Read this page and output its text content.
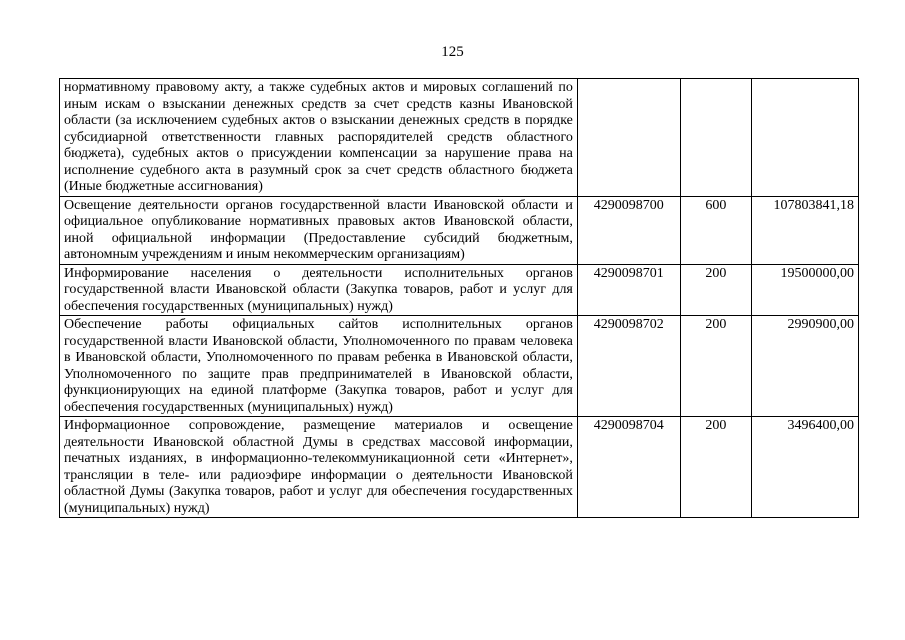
125
нормативному правовому акту, а также судебных актов и мировых соглашений по иным искам о взыскании денежных средств за счет средств казны Ивановской области (за исключением судебных актов о взыскании денежных средств в порядке субсидиарной ответственности главных распорядителей средств областного бюджета), судебных актов о присуждении компенсации за нарушение права на исполнение судебного акта в разумный срок за счет средств областного бюджета (Иные бюджетные ассигнования)			
Освещение деятельности органов государственной власти Ивановской области и официальное опубликование нормативных правовых актов Ивановской области, иной официальной информации (Предоставление субсидий бюджетным, автономным учреждениям и иным некоммерческим организациям)	4290098700	600	107803841,18
Информирование населения о деятельности исполнительных органов государственной власти Ивановской области (Закупка товаров, работ и услуг для обеспечения государственных (муниципальных) нужд)	4290098701	200	19500000,00
Обеспечение работы официальных сайтов исполнительных органов государственной власти Ивановской области, Уполномоченного по правам человека в Ивановской области, Уполномоченного по правам ребенка в Ивановской области, Уполномоченного по защите прав предпринимателей в Ивановской области, функционирующих на единой платформе (Закупка товаров, работ и услуг для обеспечения государственных (муниципальных) нужд)	4290098702	200	2990900,00
Информационное сопровождение, размещение материалов и освещение деятельности Ивановской областной Думы в средствах массовой информации, печатных изданиях, в информационно-телекоммуникационной сети «Интернет», трансляции в теле- или радиоэфире информации о деятельности Ивановской областной Думы (Закупка товаров, работ и услуг для обеспечения государственных (муниципальных) нужд)	4290098704	200	3496400,00
